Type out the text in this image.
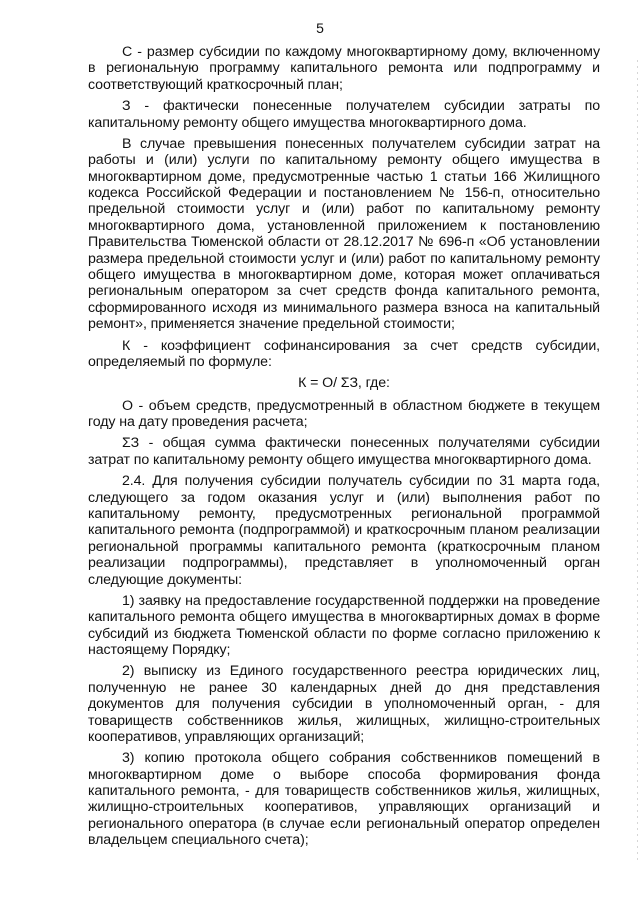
5

С - размер субсидии по каждому многоквартирному дому, включенному в региональную программу капитального ремонта или подпрограмму и соответствующий краткосрочный план;

З - фактически понесенные получателем субсидии затраты по капитальному ремонту общего имущества многоквартирного дома.

В случае превышения понесенных получателем субсидии затрат на работы и (или) услуги по капитальному ремонту общего имущества в многоквартирном доме, предусмотренные частью 1 статьи 166 Жилищного кодекса Российской Федерации и постановлением № 156-п, относительно предельной стоимости услуг и (или) работ по капитальному ремонту многоквартирного дома, установленной приложением к постановлению Правительства Тюменской области от 28.12.2017 № 696-п «Об установлении размера предельной стоимости услуг и (или) работ по капитальному ремонту общего имущества в многоквартирном доме, которая может оплачиваться региональным оператором за счет средств фонда капитального ремонта, сформированного исходя из минимального размера взноса на капитальный ремонт», применяется значение предельной стоимости;

К - коэффициент софинансирования за счет средств субсидии, определяемый по формуле:

К = О/ ΣЗ, где:

О - объем средств, предусмотренный в областном бюджете в текущем году на дату проведения расчета;

ΣЗ - общая сумма фактически понесенных получателями субсидии затрат по капитальному ремонту общего имущества многоквартирного дома.

2.4. Для получения субсидии получатель субсидии по 31 марта года, следующего за годом оказания услуг и (или) выполнения работ по капитальному ремонту, предусмотренных региональной программой капитального ремонта (подпрограммой) и краткосрочным планом реализации региональной программы капитального ремонта (краткосрочным планом реализации подпрограммы), представляет в уполномоченный орган следующие документы:

1) заявку на предоставление государственной поддержки на проведение капитального ремонта общего имущества в многоквартирных домах в форме субсидий из бюджета Тюменской области по форме согласно приложению к настоящему Порядку;

2) выписку из Единого государственного реестра юридических лиц, полученную не ранее 30 календарных дней до дня представления документов для получения субсидии в уполномоченный орган, - для товариществ собственников жилья, жилищных, жилищно-строительных кооперативов, управляющих организаций;

3) копию протокола общего собрания собственников помещений в многоквартирном доме о выборе способа формирования фонда капитального ремонта, - для товариществ собственников жилья, жилищных, жилищно-строительных кооперативов, управляющих организаций и регионального оператора (в случае если региональный оператор определен владельцем специального счета);
